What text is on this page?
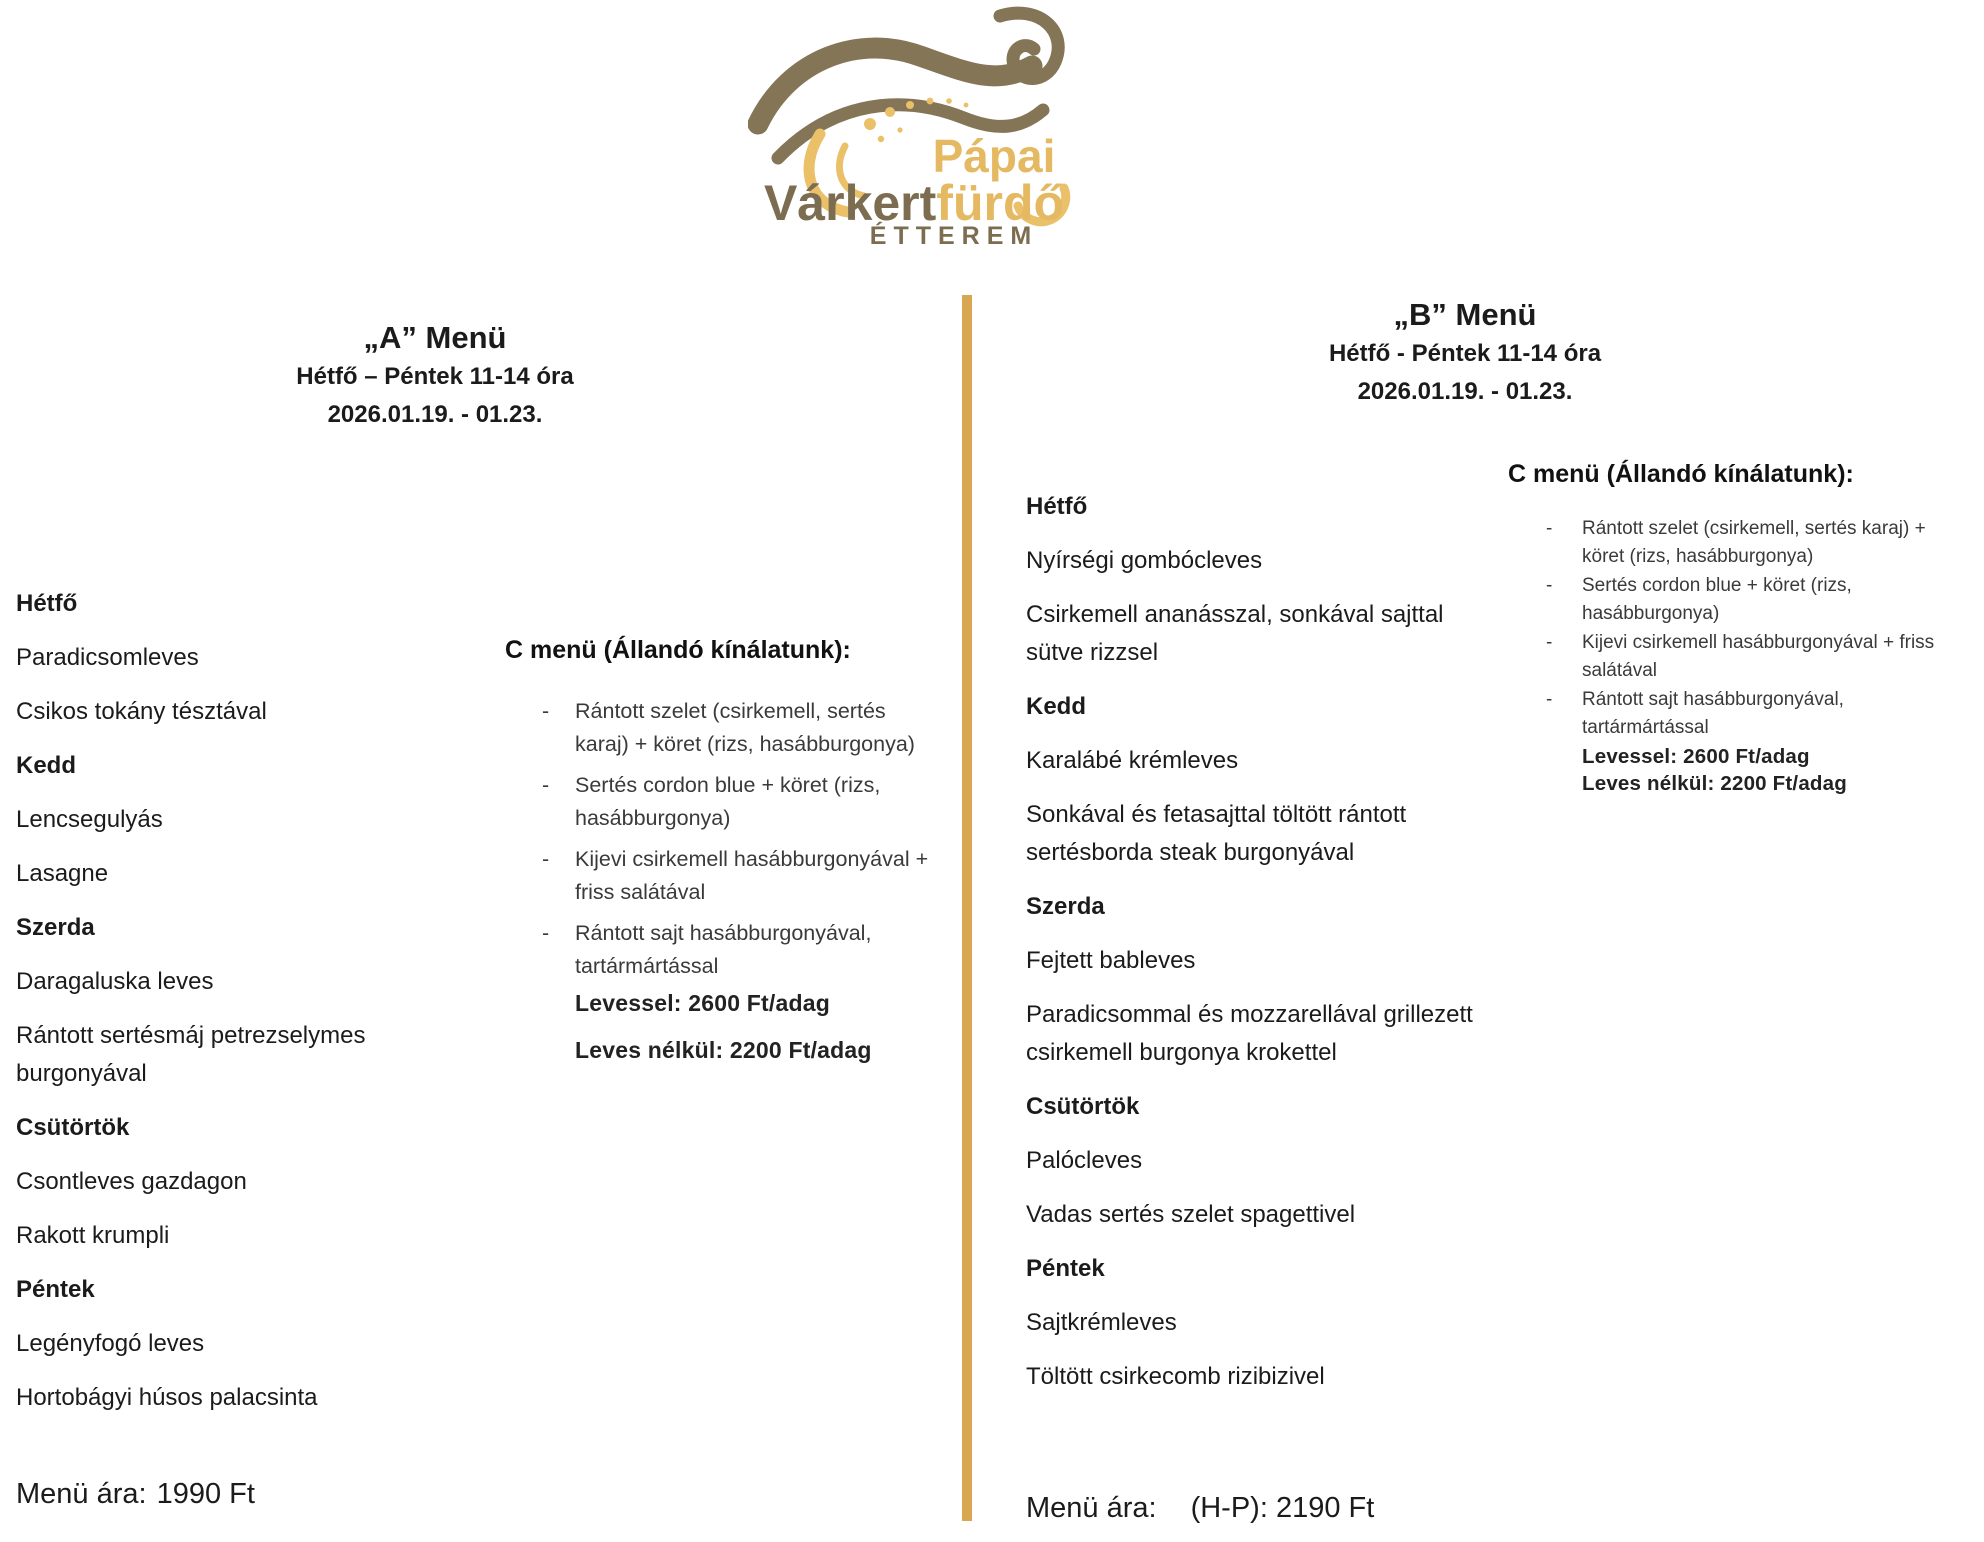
Pápai
Várkertfürdő
ÉTTEREM
„A” Menü
Hétfő – Péntek 11-14 óra
2026.01.19. - 01.23.
Hétfő
Paradicsomleves
Csikos tokány tésztával
Kedd
Lencsegulyás
Lasagne
Szerda
Daragaluska leves
Rántott sertésmáj petrezselymes burgonyával
Csütörtök
Csontleves gazdagon
Rakott krumpli
Péntek
Legényfogó leves
Hortobágyi húsos palacsinta
Menü ára: 1990 Ft
C menü (Állandó kínálatunk):
- Rántott szelet (csirkemell, sertés karaj) + köret (rizs, hasábburgonya)
- Sertés cordon blue + köret (rizs, hasábburgonya)
- Kijevi csirkemell hasábburgonyával + friss salátával
- Rántott sajt hasábburgonyával, tartármártással
Levessel: 2600 Ft/adag
Leves nélkül: 2200 Ft/adag
„B” Menü
Hétfő - Péntek 11-14 óra
2026.01.19. - 01.23.
Hétfő
Nyírségi gombócleves
Csirkemell ananásszal, sonkával sajttal sütve rizzsel
Kedd
Karalábé krémleves
Sonkával és fetasajttal töltött rántott sertésborda steak burgonyával
Szerda
Fejtett bableves
Paradicsommal és mozzarellával grillezett csirkemell burgonya krokettel
Csütörtök
Palócleves
Vadas sertés szelet spagettivel
Péntek
Sajtkrémleves
Töltött csirkecomb rizibizivel
Menü ára: (H-P): 2190 Ft
C menü (Állandó kínálatunk):
- Rántott szelet (csirkemell, sertés karaj) + köret (rizs, hasábburgonya)
- Sertés cordon blue + köret (rizs, hasábburgonya)
- Kijevi csirkemell hasábburgonyával + friss salátával
- Rántott sajt hasábburgonyával, tartármártással
Levessel: 2600 Ft/adag
Leves nélkül: 2200 Ft/adag
